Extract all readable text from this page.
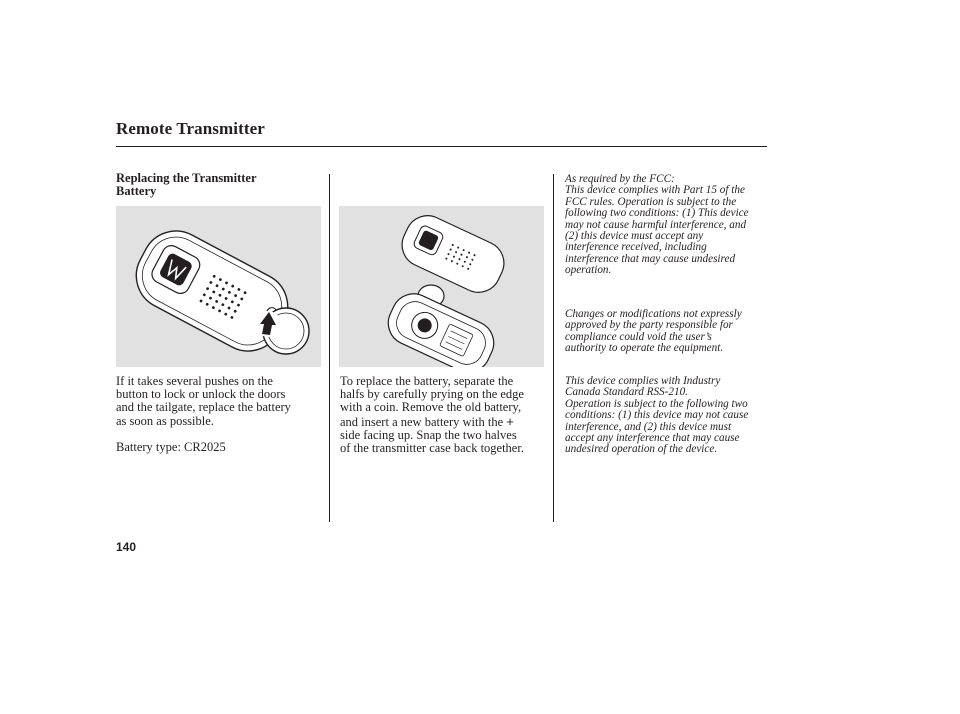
Remote Transmitter
Replacing the Transmitter
Battery

If it takes several pushes on the
button to lock or unlock the doors
and the tailgate, replace the battery
as soon as possible.

Battery type: CR2025

To replace the battery, separate the
halfs by carefully prying on the edge
with a coin. Remove the old battery,
and insert a new battery with the +
side facing up. Snap the two halves
of the transmitter case back together.

As required by the FCC:
This device complies with Part 15 of the
FCC rules. Operation is subject to the
following two conditions: (1) This device
may not cause harmful interference, and
(2) this device must accept any
interference received, including
interference that may cause undesired
operation.

Changes or modifications not expressly
approved by the party responsible for
compliance could void the user’s
authority to operate the equipment.

This device complies with Industry
Canada Standard RSS-210.
Operation is subject to the following two
conditions: (1) this device may not cause
interference, and (2) this device must
accept any interference that may cause
undesired operation of the device.

140
